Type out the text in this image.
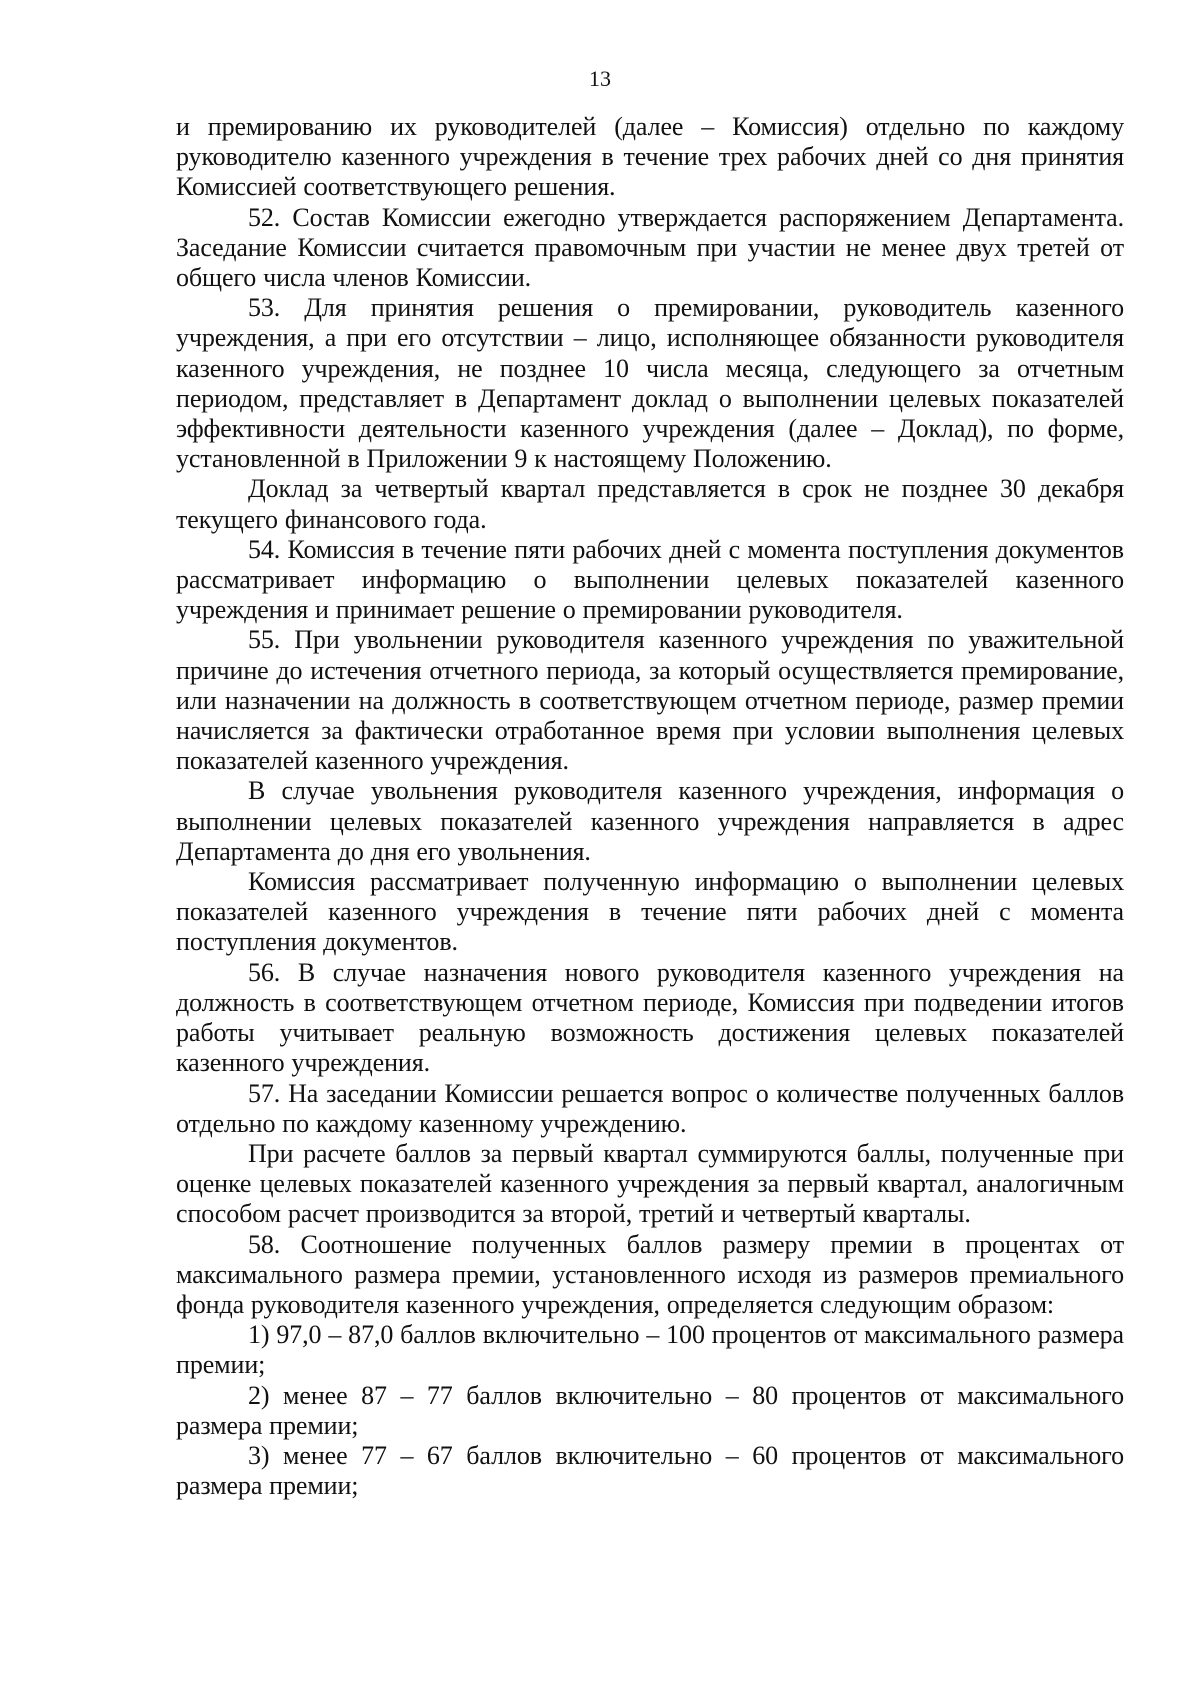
13

и премированию их руководителей (далее – Комиссия) отдельно по каждому руководителю казенного учреждения в течение трех рабочих дней со дня принятия Комиссией соответствующего решения.

52. Состав Комиссии ежегодно утверждается распоряжением Департамента. Заседание Комиссии считается правомочным при участии не менее двух третей от общего числа членов Комиссии.

53. Для принятия решения о премировании, руководитель казенного учреждения, а при его отсутствии – лицо, исполняющее обязанности руководителя казенного учреждения, не позднее 10 числа месяца, следующего за отчетным периодом, представляет в Департамент доклад о выполнении целевых показателей эффективности деятельности казенного учреждения (далее – Доклад), по форме, установленной в Приложении 9 к настоящему Положению.

Доклад за четвертый квартал представляется в срок не позднее 30 декабря текущего финансового года.

54. Комиссия в течение пяти рабочих дней с момента поступления документов рассматривает информацию о выполнении целевых показателей казенного учреждения и принимает решение о премировании руководителя.

55. При увольнении руководителя казенного учреждения по уважительной причине до истечения отчетного периода, за который осуществляется премирование, или назначении на должность в соответствующем отчетном периоде, размер премии начисляется за фактически отработанное время при условии выполнения целевых показателей казенного учреждения.

В случае увольнения руководителя казенного учреждения, информация о выполнении целевых показателей казенного учреждения направляется в адрес Департамента до дня его увольнения.

Комиссия рассматривает полученную информацию о выполнении целевых показателей казенного учреждения в течение пяти рабочих дней с момента поступления документов.

56. В случае назначения нового руководителя казенного учреждения на должность в соответствующем отчетном периоде, Комиссия при подведении итогов работы учитывает реальную возможность достижения целевых показателей казенного учреждения.

57. На заседании Комиссии решается вопрос о количестве полученных баллов отдельно по каждому казенному учреждению.

При расчете баллов за первый квартал суммируются баллы, полученные при оценке целевых показателей казенного учреждения за первый квартал, аналогичным способом расчет производится за второй, третий и четвертый кварталы.

58. Соотношение полученных баллов размеру премии в процентах от максимального размера премии, установленного исходя из размеров премиального фонда руководителя казенного учреждения, определяется следующим образом:

1) 97,0 – 87,0 баллов включительно – 100 процентов от максимального размера премии;

2) менее 87 – 77 баллов включительно – 80 процентов от максимального размера премии;

3) менее 77 – 67 баллов включительно – 60 процентов от максимального размера премии;
